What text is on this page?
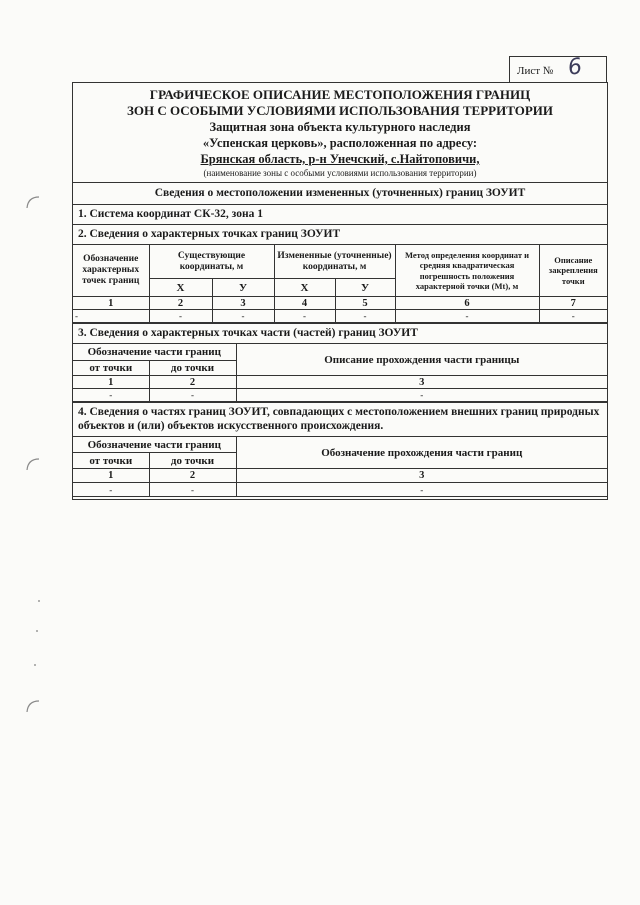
Лист № 6
ГРАФИЧЕСКОЕ ОПИСАНИЕ МЕСТОПОЛОЖЕНИЯ ГРАНИЦ
ЗОН С ОСОБЫМИ УСЛОВИЯМИ ИСПОЛЬЗОВАНИЯ ТЕРРИТОРИИ
Защитная зона объекта культурного наследия
«Успенская церковь», расположенная по адресу:
Брянская область, р-н Унечский, с.Найтоповичи,
(наименование зоны с особыми условиями использования территории)
Сведения о местоположении измененных (уточненных) границ ЗОУИТ
1. Система координат СК-32, зона 1
2. Сведения о характерных точках границ ЗОУИТ
Обозначение характерных точек границ	Существующие координаты, м		Измененные (уточненные) координаты, м		Метод определения координат и средняя квадратическая погрешность положения характерной точки (Мt), м	Описание закрепления точки
	X	У	X	У		
1	2	3	4	5	6	7
-	-	-	-	-	-	-
3. Сведения о характерных точках части (частей) границ ЗОУИТ
Обозначение части границ		Описание прохождения части границы
от точки	до точки	
1	2	3
-	-	-
4. Сведения о частях границ ЗОУИТ, совпадающих с местоположением внешних границ природных объектов и (или) объектов искусственного происхождения.
Обозначение части границ		Обозначение прохождения части границ
от точки	до точки	
1	2	3
-	-	-
